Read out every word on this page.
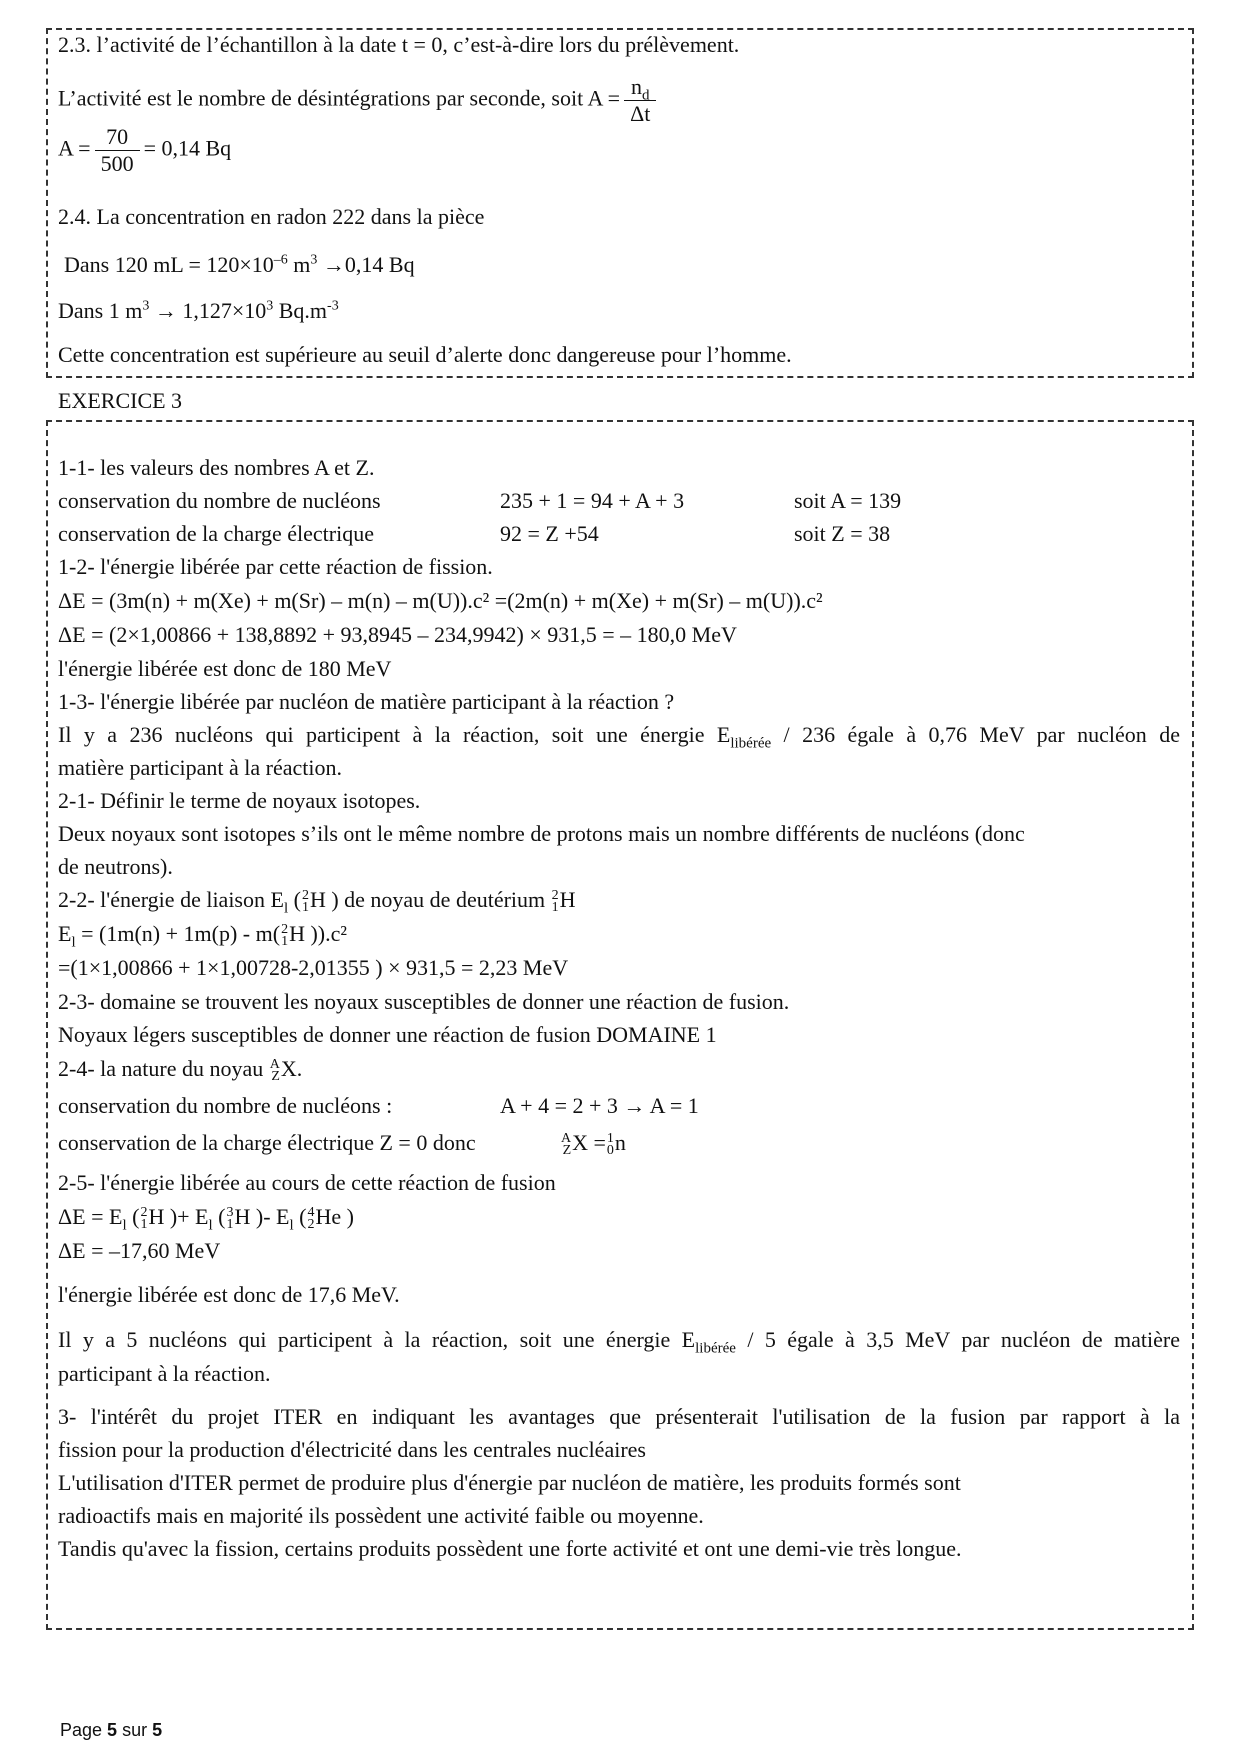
2.3. l’activité de l’échantillon à la date t = 0, c’est-à-dire lors du prélèvement.
L’activité est le nombre de désintégrations par seconde, soit $A = \frac{n_d}{\Delta t}$
$A = \frac{70}{500} = 0,14$ Bq
2.4. La concentration en radon 222 dans la pièce
Dans 120 mL = $120\times 10^{-6}$ $m^3 \to 0,14$ Bq
Dans 1 $m^3 \to 1,127\times 10^3$ $Bq.m^{-3}$
Cette concentration est supérieure au seuil d’alerte donc dangereuse pour l’homme.
EXERCICE 3
1-1- les valeurs des nombres A et Z.
conservation du nombre de nucléons	235 + 1 = 94 + A + 3	soit A = 139
conservation de la charge électrique	92 = Z +54	soit Z = 38
1-2- l'énergie libérée par cette réaction de fission.
ΔE = (3m(n) + m(Xe) + m(Sr) – m(n) – m(U)).c² =(2m(n) + m(Xe) + m(Sr) – m(U)).c²
ΔE = (2×1,00866 + 138,8892 + 93,8945 – 234,9942) × 931,5 = – 180,0 MeV
l'énergie libérée est donc de 180 MeV
1-3- l'énergie libérée par nucléon de matière participant à la réaction ?
Il y a 236 nucléons qui participent à la réaction, soit une énergie $E_{libérée} / 236$ égale à 0,76 MeV par nucléon de
matière participant à la réaction.
2-1- Définir le terme de noyaux isotopes.
Deux noyaux sont isotopes s’ils ont le même nombre de protons mais un nombre différents de nucléons (donc
de neutrons).
2-2- l'énergie de liaison $E_l$ ( 2
1 H ) de noyau de deutérium 2
1 H
$E_l = (1m(n) + 1m(p) - m$( 2
1 H )).c²
=(1×1,00866 + 1×1,00728-2,01355 ) × 931,5 = 2,23 MeV
2-3- domaine se trouvent les noyaux susceptibles de donner une réaction de fusion.
Noyaux légers susceptibles de donner une réaction de fusion DOMAINE 1
2-4- la nature du noyau A
Z X.
conservation du nombre de nucléons :	A + 4 = 2 + 3 → A = 1
conservation de la charge électrique Z = 0 donc	A
Z X = 1
0 n
2-5- l'énergie libérée au cours de cette réaction de fusion
$\Delta E = E_l$ ( 2
1 H )+ $E_l$ ( 3
1 H )- $E_l$ ( 4
2 He )
ΔE = –17,60 MeV
l'énergie libérée est donc de 17,6 MeV.
Il y a 5 nucléons qui participent à la réaction, soit une énergie $E_{libérée} / 5$ égale à 3,5 MeV par nucléon de matière
participant à la réaction.
3- l'intérêt du projet ITER en indiquant les avantages que présenterait l'utilisation de la fusion par rapport à la
fission pour la production d'électricité dans les centrales nucléaires
L'utilisation d'ITER permet de produire plus d'énergie par nucléon de matière, les produits formés sont
radioactifs mais en majorité ils possèdent une activité faible ou moyenne.
Tandis qu'avec la fission, certains produits possèdent une forte activité et ont une demi-vie très longue.
Page 5 sur 5
